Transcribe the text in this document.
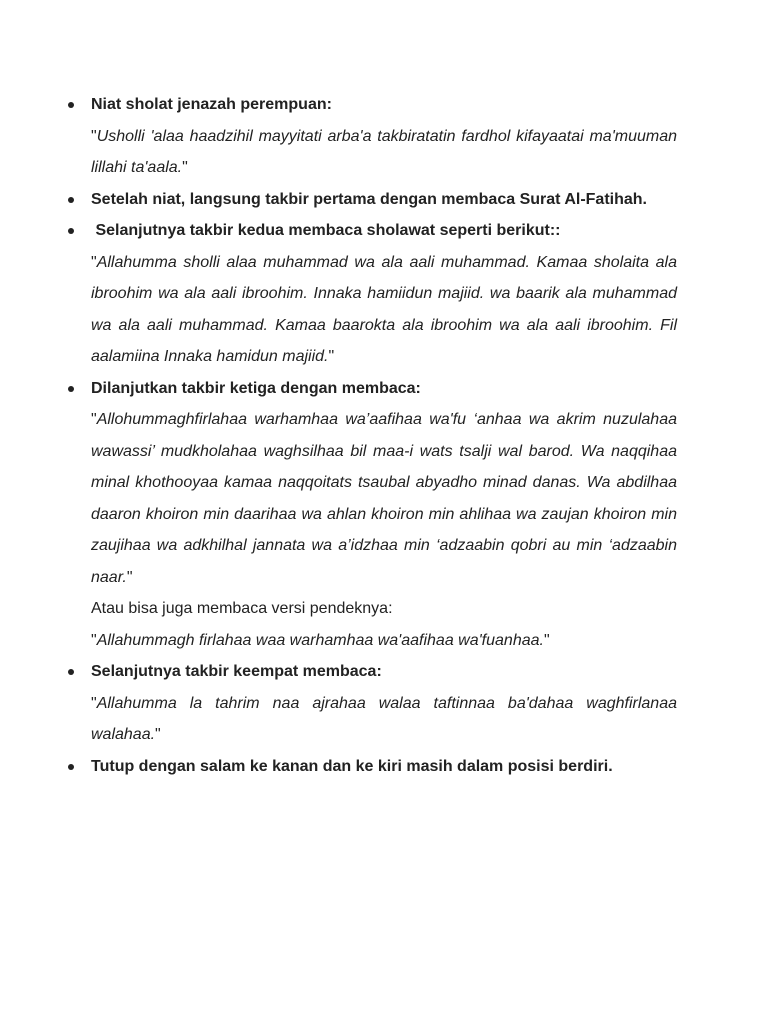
Niat sholat jenazah perempuan:

"Usholli 'alaa haadzihil mayyitati arba'a takbiratatin fardhol kifayaatai ma'muuman lillahi ta'aala."

Setelah niat, langsung takbir pertama dengan membaca Surat Al-Fatihah.

Selanjutnya takbir kedua membaca sholawat seperti berikut::

"Allahumma sholli alaa muhammad wa ala aali muhammad. Kamaa sholaita ala ibroohim wa ala aali ibroohim. Innaka hamiidun majiid. wa baarik ala muhammad wa ala aali muhammad. Kamaa baarokta ala ibroohim wa ala aali ibroohim. Fil aalamiina Innaka hamidun majiid."

Dilanjutkan takbir ketiga dengan membaca:

"Allohummaghfirlahaa warhamhaa wa’aafihaa wa'fu ‘anhaa wa akrim nuzulahaa wawassi’ mudkholahaa waghsilhaa bil maa-i wats tsalji wal barod. Wa naqqihaa minal khothooyaa kamaa naqqoitats tsaubal abyadho minad danas. Wa abdilhaa daaron khoiron min daarihaa wa ahlan khoiron min ahlihaa wa zaujan khoiron min zaujihaa wa adkhilhal jannata wa a’idzhaa min ‘adzaabin qobri au min ‘adzaabin naar."

Atau bisa juga membaca versi pendeknya:

"Allahummagh firlahaa waa warhamhaa wa'aafihaa wa'fuanhaa."

Selanjutnya takbir keempat membaca:

"Allahumma la tahrim naa ajrahaa walaa taftinnaa ba'dahaa waghfirlanaa walahaa."

Tutup dengan salam ke kanan dan ke kiri masih dalam posisi berdiri.
